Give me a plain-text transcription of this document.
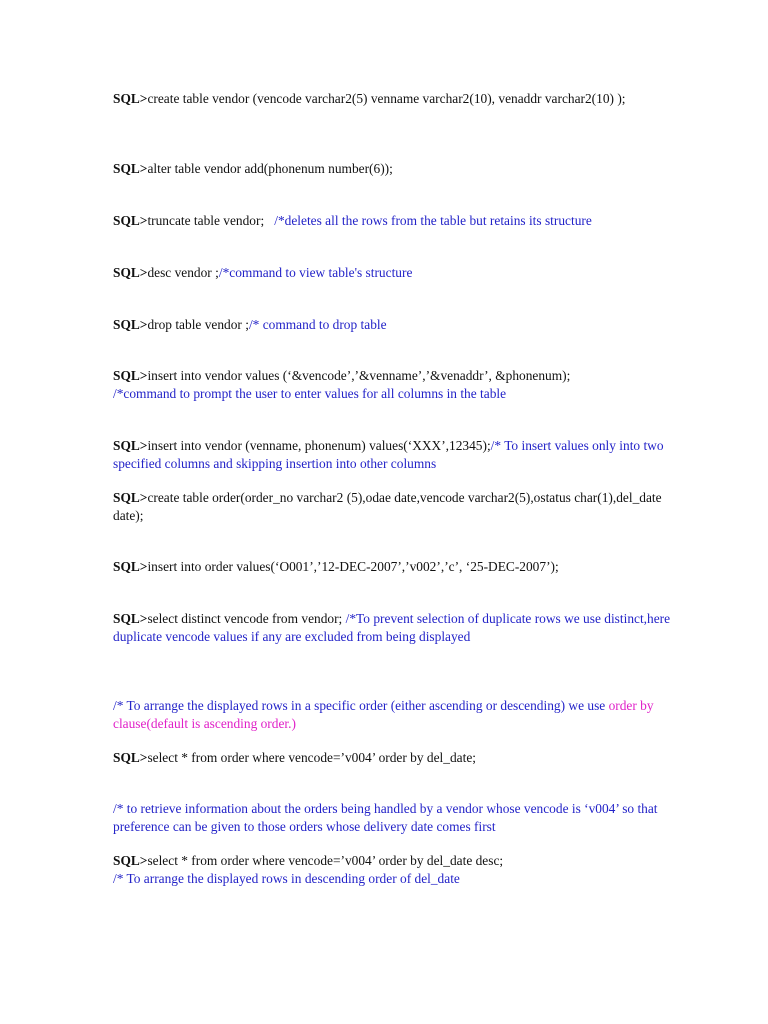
SQL>create table vendor (vencode varchar2(5) venname varchar2(10), venaddr varchar2(10) );

SQL>alter table vendor add(phonenum number(6));

SQL>truncate table vendor;   /*deletes all the rows from the table but retains its structure

SQL>desc vendor ;/*command to view table's structure

SQL>drop table vendor ;/* command to drop table

SQL>insert into vendor values (‘&vencode’,’&venname’,’&venaddr’, &phonenum);
/*command to prompt the user to enter values for all columns in the table

SQL>insert into vendor (venname, phonenum) values(‘XXX’,12345);/* To insert values only into two specified columns and skipping insertion into other columns

SQL>create table order(order_no varchar2 (5),odae date,vencode varchar2(5),ostatus char(1),del_date date);

SQL>insert into order values(‘O001’,’12-DEC-2007’,’v002’,’c’, ‘25-DEC-2007’);

SQL>select distinct vencode from vendor; /*To prevent selection of duplicate rows we use distinct,here duplicate vencode values if any are excluded from being displayed

/* To arrange the displayed rows in a specific order (either ascending or descending) we use order by clause(default is ascending order.)

SQL>select * from order where vencode=’v004’ order by del_date;

/* to retrieve information about the orders being handled by a vendor whose vencode is ‘v004’ so that preference can be given to those orders whose delivery date comes first

SQL>select * from order where vencode=’v004’ order by del_date desc;
/* To arrange the displayed rows in descending order of del_date
